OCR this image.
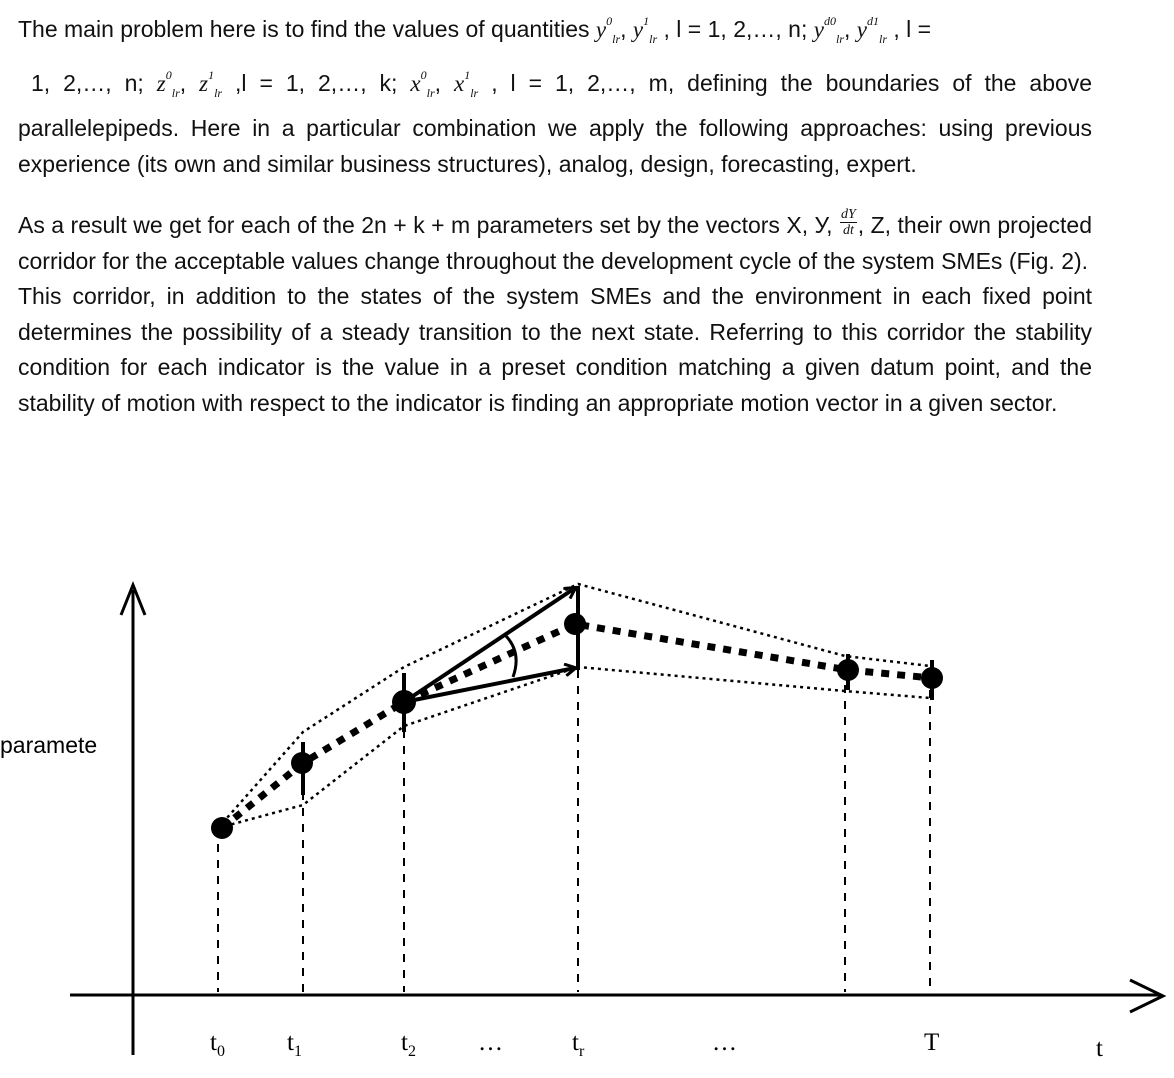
The main problem here is to find the values of quantities $y^0_{lr}$, $y^1_{lr}$ , l = 1, 2,…, n; $y^{d0}_{lr}$, $y^{d1}_{lr}$ , l =
1, 2,…, n; $z^0_{lr}$, $z^1_{lr}$ ,l = 1, 2,…, k; $x^0_{lr}$, $x^1_{lr}$ , l = 1, 2,…, m, defining the boundaries of the above parallelepipeds. Here in a particular combination we apply the following approaches: using previous experience (its own and similar business structures), analog, design, forecasting, expert.

As a result we get for each of the 2n + k + m parameters set by the vectors X, У, $\frac{dY}{dt}$ , Z, their own projected corridor for the acceptable values change throughout the development cycle of the system SMEs (Fig. 2).

This corridor, in addition to the states of the system SMEs and the environment in each fixed point determines the possibility of a steady transition to the next state. Referring to this corridor the stability condition for each indicator is the value in a preset condition matching a given datum point, and the stability of motion with respect to the indicator is finding an appropriate motion vector in a given sector.

paramete
t
$t_0$ $t_1$	$t_2$ …	$t_r$	…	T
